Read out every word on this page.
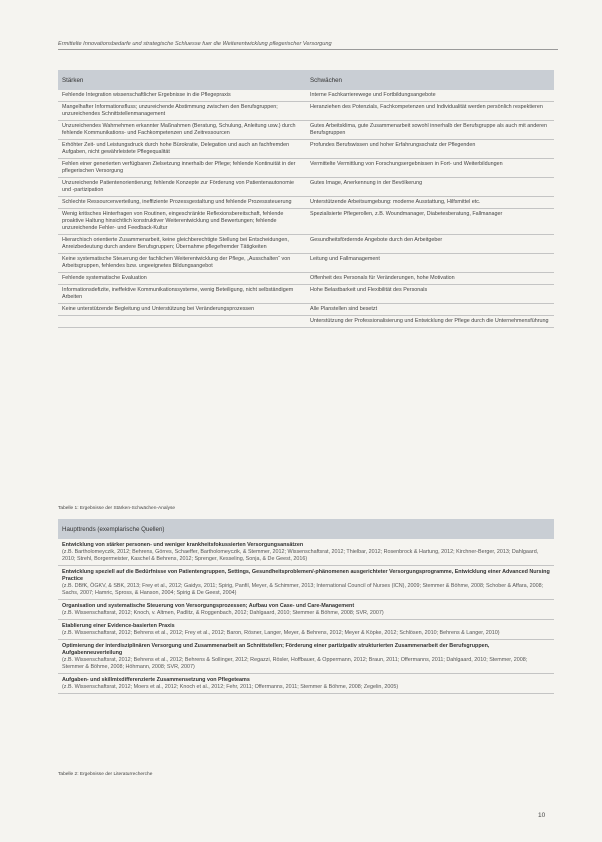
Ermittelte Innovationsbedarfe und strategische Schluesse fuer die Weiterentwicklung pflegerischer Versorgung
Stärken	Schwächen
Fehlende Integration wissenschaftlicher Ergebnisse in die Pflegepraxis	Interne Fachkarrierewege und Fortbildungsangebote
Mangelhafter Informationsfluss; unzureichende Abstimmung zwischen den Berufsgruppen; unzureichendes Schnittstellenmanagement	Heranziehen des Potenzials, Fachkompetenzen und Individualität werden persönlich respektieren
Unzureichendes Wahrnehmen erkannter Maßnahmen (Beratung, Schulung, Anleitung usw.) durch fehlende Kommunikations- und Fachkompetenzen und Zeitressourcen	Gutes Arbeitsklima, gute Zusammenarbeit sowohl innerhalb der Berufsgruppe als auch mit anderen Berufsgruppen
Erhöhter Zeit- und Leistungsdruck durch hohe Bürokratie, Delegation und auch an fachfremden Aufgaben, nicht gewährleistete Pflegequalität	Profundes Berufswissen und hoher Erfahrungsschatz der Pflegenden
Fehlen einer generierten verfügbaren Zielsetzung innerhalb der Pflege; fehlende Kontinuität in der pflegerischen Versorgung	Vermittelte Vermittlung von Forschungsergebnissen in Fort- und Weiterbildungen
Unzureichende Patientenorientierung; fehlende Konzepte zur Förderung von Patientenautonomie und -partizipation	Gutes Image, Anerkennung in der Bevölkerung
Schlechte Ressourcenverteilung, ineffiziente Prozessgestaltung und fehlende Prozesssteuerung	Unterstützende Arbeitsumgebung: moderne Ausstattung, Hilfsmittel etc.
Wenig kritisches Hinterfragen von Routinen, eingeschränkte Reflexionsbereitschaft, fehlende proaktive Haltung hinsichtlich konstruktiver Weiterentwicklung und Bewertungen; fehlende unzureichende Fehler- und Feedback-Kultur	Spezialisierte Pflegerollen, z.B. Woundmanager, Diabetesberatung, Fallmanager
Hierarchisch orientierte Zusammenarbeit, keine gleichberechtigte Stellung bei Entscheidungen, Anreizbedeutung durch andere Berufsgruppen; Übernahme pflegefremder Tätigkeiten	Gesundheitsfördernde Angebote durch den Arbeitgeber
Keine systematische Steuerung der fachlichen Weiterentwicklung der Pflege, „Ausschalten“ von Arbeitsgruppen, fehlendes bzw. ungeeignetes Bildungsangebot	Leitung und Fallmanagement
Fehlende systematische Evaluation	Offenheit des Personals für Veränderungen, hohe Motivation
Informationsdefizite, ineffektive Kommunikationssysteme, wenig Beteiligung, nicht selbständigem Arbeiten	Hohe Belastbarkeit und Flexibilität des Personals
Keine unterstützende Begleitung und Unterstützung bei Veränderungsprozessen	Alle Planstellen sind besetzt
	Unterstützung der Professionalisierung und Entwicklung der Pflege durch die Unternehmensführung
Tabelle 1: Ergebnisse der Stärken-Schwächen-Analyse
Haupttrends (exemplarische Quellen)

Entwicklung von stärker personen- und weniger krankheitsfokussierten Versorgungsansätzen
(z.B. Bartholomeyczik, 2012; Behrens, Görres, Schaeffer, Bartholomeyczik, & Stemmer, 2012; Wissenschaftsrat, 2012; Thielbar, 2012; Rosenbrock & Hartung, 2012; Kirchner-Berger, 2013; Dahlgaard, 2010; Strehl, Borgermeister, Kaschel & Behrens, 2012; Sprenger, Kesseling, Sonja, & De Geest, 2016)

Entwicklung speziell auf die Bedürfnisse von Patientengruppen, Settings, Gesundheitsproblemen/-phänomenen ausgerichteter Versorgungsprogramme, Entwicklung einer Advanced Nursing Practice
(z.B. DBfK, ÖGKV, & SBK, 2013; Frey et al., 2012; Gaidys, 2011; Spirig, Panfil, Meyer, & Schimmer, 2013; International Council of Nurses (ICN), 2009; Stemmer & Böhme, 2008; Schober & Affara, 2008; Sachs, 2007; Hamric, Spross, & Hanson, 2004; Spirig & De Geest, 2004)

Organisation und systematische Steuerung von Versorgungsprozessen; Aufbau von Case- und Care-Management
(z.B. Wissenschaftsrat, 2012; Knoch, v. Altmen, Padlitz, & Roggenbach, 2012; Dahlgaard, 2010; Stemmer & Böhme, 2008; SVR, 2007)

Etablierung einer Evidence-basierten Praxis
(z.B. Wissenschaftsrat, 2012; Behrens et al., 2012; Frey et al., 2012; Baron, Rösner, Langer, Meyer, & Behrens, 2012; Meyer & Köpke, 2012; Schlösen, 2010; Behrens & Langer, 2010)

Optimierung der interdisziplinären Versorgung und Zusammenarbeit an Schnittstellen; Förderung einer partizipativ strukturierten Zusammenarbeit der Berufsgruppen, Aufgabenneuverteilung
(z.B. Wissenschaftsrat, 2012; Behrens et al., 2012; Behrens & Sollinger, 2012; Regazzi, Rösler, Hoffbauer, & Oppermann, 2012; Braun, 2011; Offermanns, 2011; Dahlgaard, 2010; Stemmer, 2008; Stemmer & Böhme, 2008; Höhmann, 2008; SVR, 2007)

Aufgaben- und skillmixdifferenzierte Zusammensetzung von Pflegeteams
(z.B. Wissenschaftsrat, 2012; Moers et al., 2012; Knoch et al., 2012; Fehr, 2011; Offermanns, 2011; Stemmer & Böhme, 2008; Zegelin, 2005)
Tabelle 2: Ergebnisse der Literaturrecherche
10
